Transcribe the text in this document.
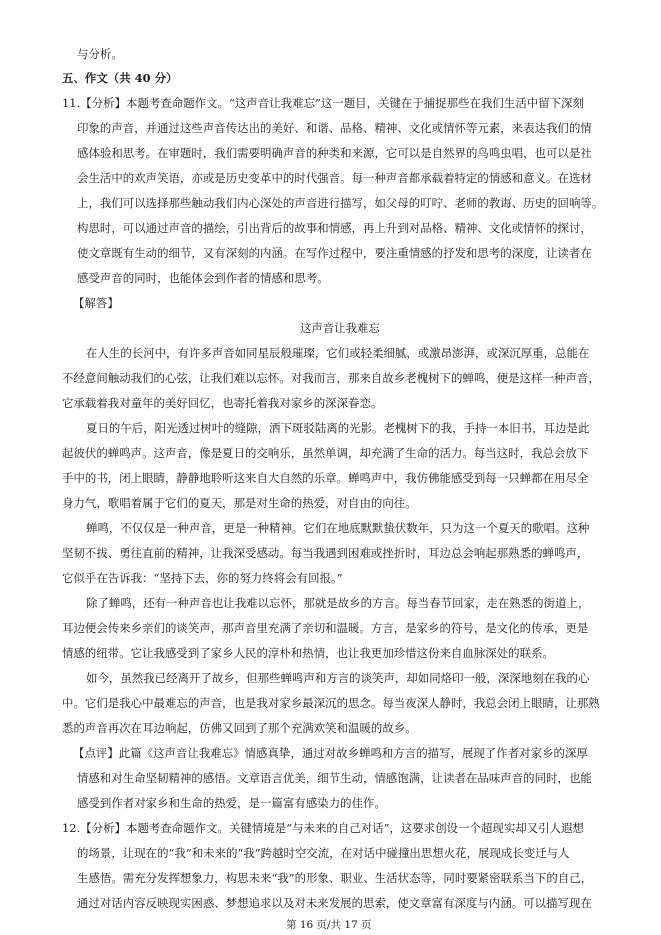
与分析。
五、作文（共 40 分）
11.【分析】本题考查命题作文。“这声音让我难忘”这一题目，关键在于捕捉那些在我们生活中留下深刻
印象的声音，并通过这些声音传达出的美好、和谐、品格、精神、文化或情怀等元素，来表达我们的情
感体验和思考。在审题时，我们需要明确声音的种类和来源，它可以是自然界的鸟鸣虫唱，也可以是社
会生活中的欢声笑语，亦或是历史变革中的时代强音。每一种声音都承载着特定的情感和意义。在选材
上，我们可以选择那些触动我们内心深处的声音进行描写，如父母的叮咛、老师的教诲、历史的回响等。
构思时，可以通过声音的描绘，引出背后的故事和情感，再上升到对品格、精神、文化或情怀的探讨，
使文章既有生动的细节，又有深刻的内涵。在写作过程中，要注重情感的抒发和思考的深度，让读者在
感受声音的同时，也能体会到作者的情感和思考。
【解答】
这声音让我难忘
在人生的长河中，有许多声音如同星辰般璀璨，它们或轻柔细腻，或激昂澎湃，或深沉厚重，总能在
不经意间触动我们的心弦，让我们难以忘怀。对我而言，那来自故乡老槐树下的蝉鸣，便是这样一种声音，
它承载着我对童年的美好回忆，也寄托着我对家乡的深深眷恋。
夏日的午后，阳光透过树叶的缝隙，洒下斑驳陆离的光影。老槐树下的我，手持一本旧书，耳边是此
起彼伏的蝉鸣声。这声音，像是夏日的交响乐，虽然单调，却充满了生命的活力。每当这时，我总会放下
手中的书，闭上眼睛，静静地聆听这来自大自然的乐章。蝉鸣声中，我仿佛能感受到每一只蝉都在用尽全
身力气，歌唱着属于它们的夏天，那是对生命的热爱，对自由的向往。
蝉鸣，不仅仅是一种声音，更是一种精神。它们在地底默默蛰伏数年，只为这一个夏天的歌唱。这种
坚韧不拔、勇往直前的精神，让我深受感动。每当我遇到困难或挫折时，耳边总会响起那熟悉的蝉鸣声，
它似乎在告诉我：“坚持下去，你的努力终将会有回报。”
除了蝉鸣，还有一种声音也让我难以忘怀，那就是故乡的方言。每当春节回家，走在熟悉的街道上，
耳边便会传来乡亲们的谈笑声，那声音里充满了亲切和温暖。方言，是家乡的符号，是文化的传承，更是
情感的纽带。它让我感受到了家乡人民的淳朴和热情，也让我更加珍惜这份来自血脉深处的联系。
如今，虽然我已经离开了故乡，但那些蝉鸣声和方言的谈笑声，却如同烙印一般，深深地刻在我的心
中。它们是我心中最难忘的声音，也是我对家乡最深沉的思念。每当夜深人静时，我总会闭上眼睛，让那熟
悉的声音再次在耳边响起，仿佛又回到了那个充满欢笑和温暖的故乡。
【点评】此篇《这声音让我难忘》情感真挚，通过对故乡蝉鸣和方言的描写，展现了作者对家乡的深厚
情感和对生命坚韧精神的感悟。文章语言优美，细节生动，情感饱满，让读者在品味声音的同时，也能
感受到作者对家乡和生命的热爱，是一篇富有感染力的佳作。
12.【分析】本题考查命题作文。关键情境是“与未来的自己对话”，这要求创设一个超现实却又引人遐想
的场景，让现在的“我”和未来的“我”跨越时空交流，在对话中碰撞出思想火花，展现成长变迁与人
生感悟。需充分发挥想象力，构思未来“我”的形象、职业、生活状态等，同时要紧密联系当下的自己，
通过对话内容反映现实困惑、梦想追求以及对未来发展的思索，使文章富有深度与内涵。可以描写现在
第 16 页/共 17 页
